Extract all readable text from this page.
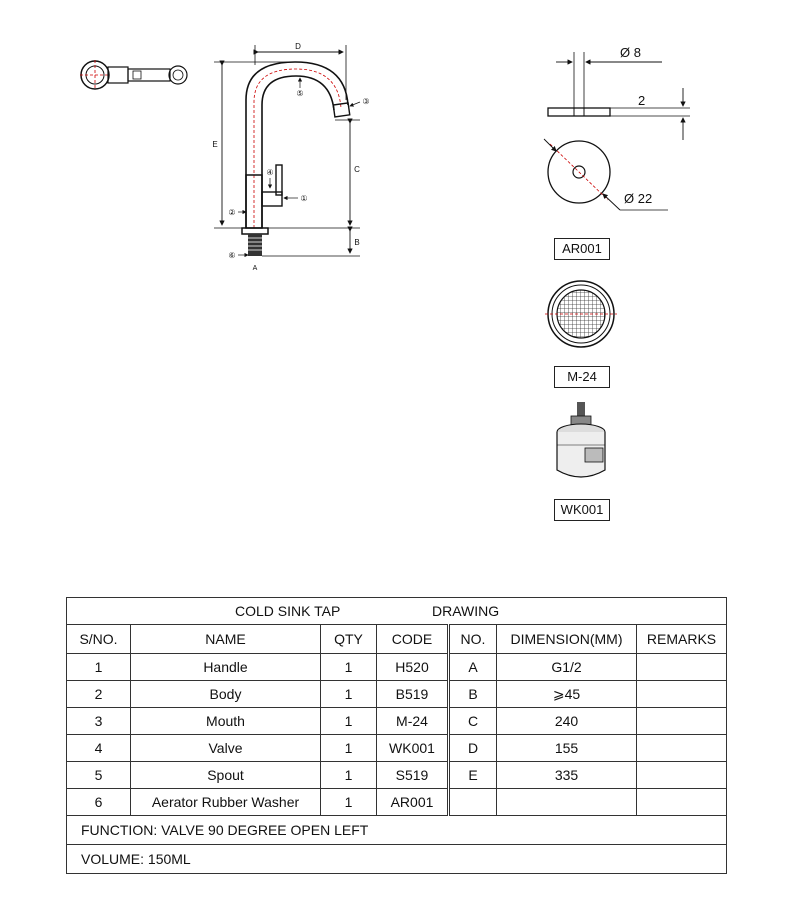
D
E
C
B
A
②
①
④
⑤
③
⑥
Ø 8
2
Ø 22
AR001
M-24
WK001
COLD SINK TAP DRAWING						

S/NO.	NAME	QTY	CODE	NO.	DIMENSION(MM)	REMARKS
1	Handle	1	H520	A	G1/2	
2	Body	1	B519	B	⩾45	
3	Mouth	1	M-24	C	240	
4	Valve	1	WK001	D	155	
5	Spout	1	S519	E	335	
6	Aerator Rubber Washer	1	AR001			
FUNCTION: VALVE 90 DEGREE OPEN LEFT						
VOLUME: 150ML						
